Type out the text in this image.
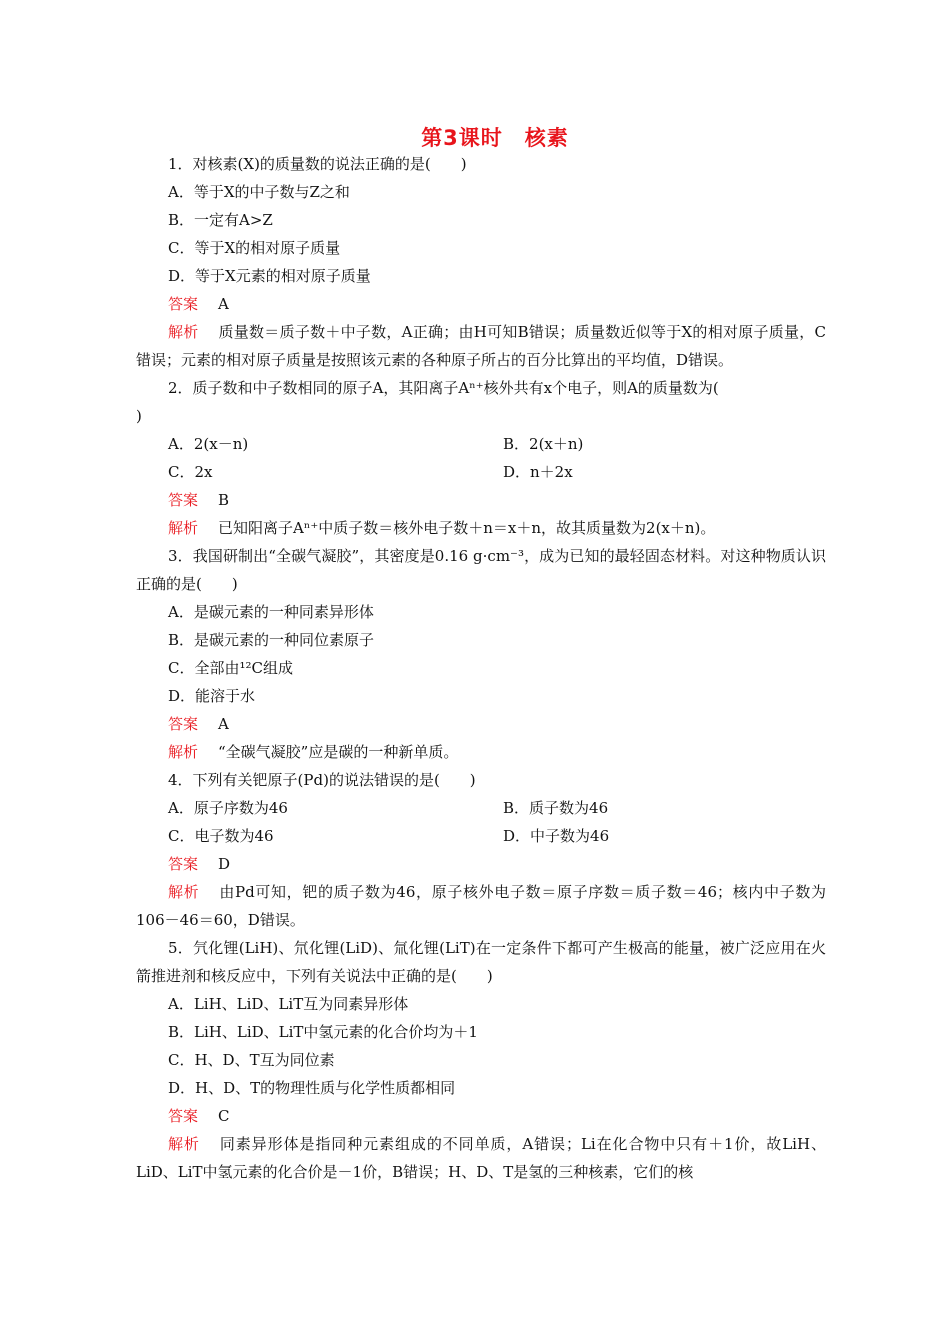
第3课时　核素
1．对核素(X)的质量数的说法正确的是(　　)
A．等于X的中子数与Z之和
B．一定有A>Z
C．等于X的相对原子质量
D．等于X元素的相对原子质量
答案 A
解析 质量数＝质子数＋中子数，A正确；由H可知B错误；质量数近似等于X的相对原子质量，C错误；元素的相对原子质量是按照该元素的各种原子所占的百分比算出的平均值，D错误。
2．质子数和中子数相同的原子A，其阳离子Aⁿ⁺核外共有x个电子，则A的质量数为(
)
A．2(x－n)	B．2(x＋n)
C．2x	D．n＋2x
答案 B
解析 已知阳离子Aⁿ⁺中质子数＝核外电子数＋n＝x＋n，故其质量数为2(x＋n)。
3．我国研制出“全碳气凝胶”，其密度是0.16 g·cm⁻³，成为已知的最轻固态材料。对这种物质认识正确的是(　　)
A．是碳元素的一种同素异形体
B．是碳元素的一种同位素原子
C．全部由¹²C组成
D．能溶于水
答案 A
解析 “全碳气凝胶”应是碳的一种新单质。
4．下列有关钯原子(Pd)的说法错误的是(　　)
A．原子序数为46	B．质子数为46
C．电子数为46	D．中子数为46
答案 D
解析 由Pd可知，钯的质子数为46，原子核外电子数＝原子序数＝质子数＝46；核内中子数为106－46＝60，D错误。
5．氕化锂(LiH)、氘化锂(LiD)、氚化锂(LiT)在一定条件下都可产生极高的能量，被广泛应用在火箭推进剂和核反应中，下列有关说法中正确的是(　　)
A．LiH、LiD、LiT互为同素异形体
B．LiH、LiD、LiT中氢元素的化合价均为＋1
C．H、D、T互为同位素
D．H、D、T的物理性质与化学性质都相同
答案 C
解析 同素异形体是指同种元素组成的不同单质，A错误；Li在化合物中只有＋1价，故LiH、LiD、LiT中氢元素的化合价是－1价，B错误；H、D、T是氢的三种核素，它们的核
